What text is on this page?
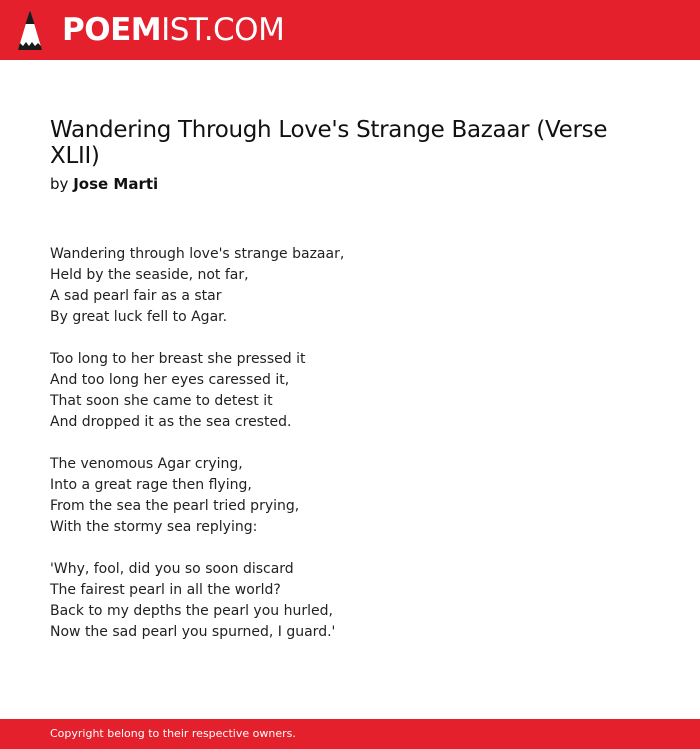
POEMIST.COM
Wandering Through Love's Strange Bazaar (Verse XLII)
by Jose Marti
Wandering through love's strange bazaar,
Held by the seaside, not far,
A sad pearl fair as a star
By great luck fell to Agar.
Too long to her breast she pressed it
And too long her eyes caressed it,
That soon she came to detest it
And dropped it as the sea crested.
The venomous Agar crying,
Into a great rage then flying,
From the sea the pearl tried prying,
With the stormy sea replying:
'Why, fool, did you so soon discard
The fairest pearl in all the world?
Back to my depths the pearl you hurled,
Now the sad pearl you spurned, I guard.'
Copyright belong to their respective owners.
